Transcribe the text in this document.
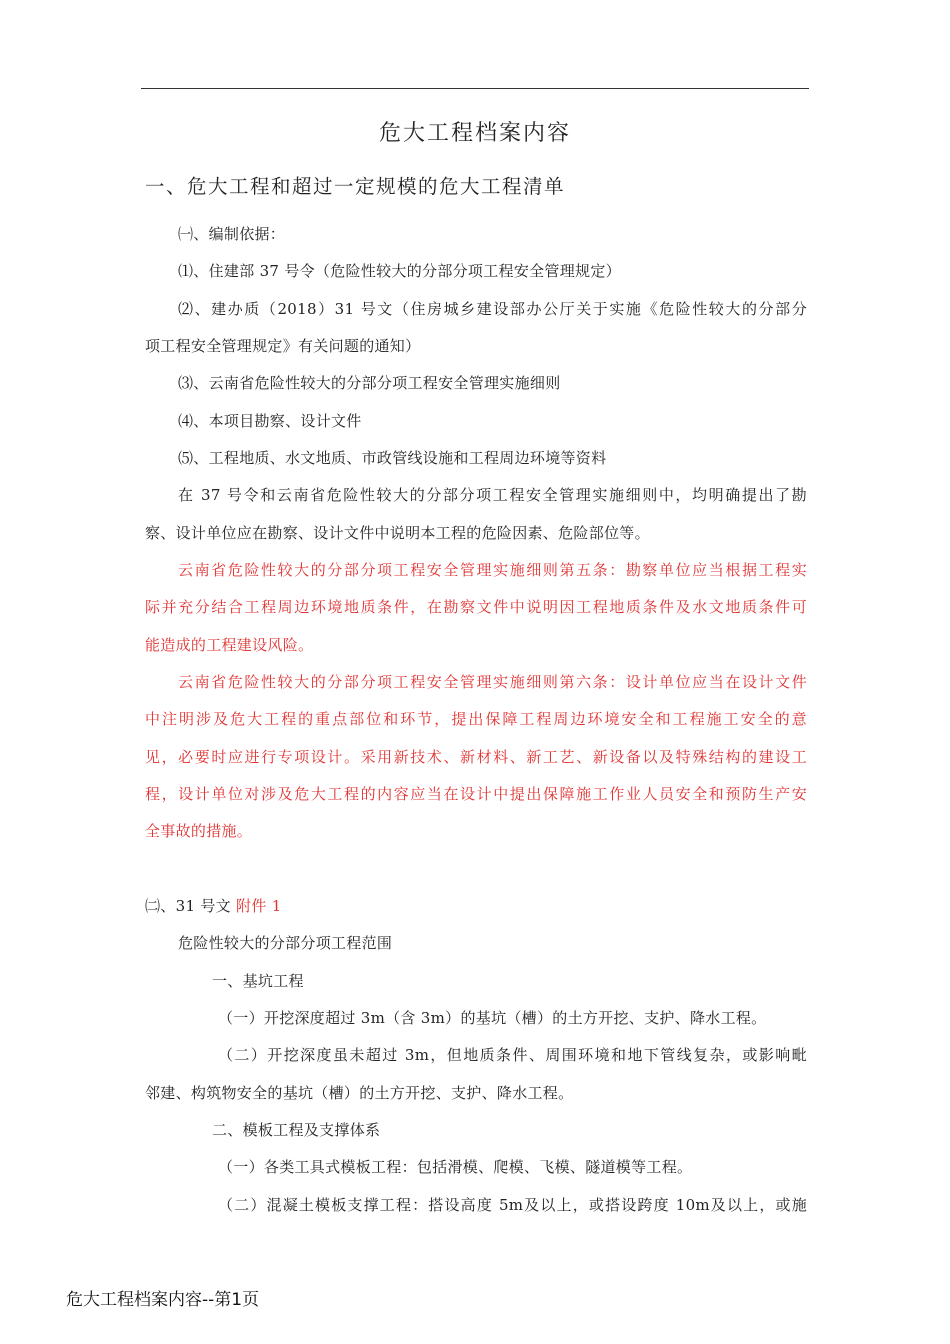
危大工程档案内容
一、危大工程和超过一定规模的危大工程清单
㈠、编制依据：
⑴、住建部 37 号令（危险性较大的分部分项工程安全管理规定）
⑵、建办质（2018）31 号文（住房城乡建设部办公厅关于实施《危险性较大的分部分
项工程安全管理规定》有关问题的通知）
⑶、云南省危险性较大的分部分项工程安全管理实施细则
⑷、本项目勘察、设计文件
⑸、工程地质、水文地质、市政管线设施和工程周边环境等资料
在 37 号令和云南省危险性较大的分部分项工程安全管理实施细则中，均明确提出了勘
察、设计单位应在勘察、设计文件中说明本工程的危险因素、危险部位等。
云南省危险性较大的分部分项工程安全管理实施细则第五条：勘察单位应当根据工程实
际并充分结合工程周边环境地质条件，在勘察文件中说明因工程地质条件及水文地质条件可
能造成的工程建设风险。
云南省危险性较大的分部分项工程安全管理实施细则第六条：设计单位应当在设计文件
中注明涉及危大工程的重点部位和环节，提出保障工程周边环境安全和工程施工安全的意
见，必要时应进行专项设计。采用新技术、新材料、新工艺、新设备以及特殊结构的建设工
程，设计单位对涉及危大工程的内容应当在设计中提出保障施工作业人员安全和预防生产安
全事故的措施。
㈡、31 号文 附件 1
危险性较大的分部分项工程范围
一、基坑工程
（一）开挖深度超过 3m（含 3m）的基坑（槽）的土方开挖、支护、降水工程。
（二）开挖深度虽未超过 3m，但地质条件、周围环境和地下管线复杂，或影响毗
邻建、构筑物安全的基坑（槽）的土方开挖、支护、降水工程。
二、模板工程及支撑体系
（一）各类工具式模板工程：包括滑模、爬模、飞模、隧道模等工程。
（二）混凝土模板支撑工程：搭设高度 5m及以上，或搭设跨度 10m及以上，或施
危大工程档案内容--第1页
